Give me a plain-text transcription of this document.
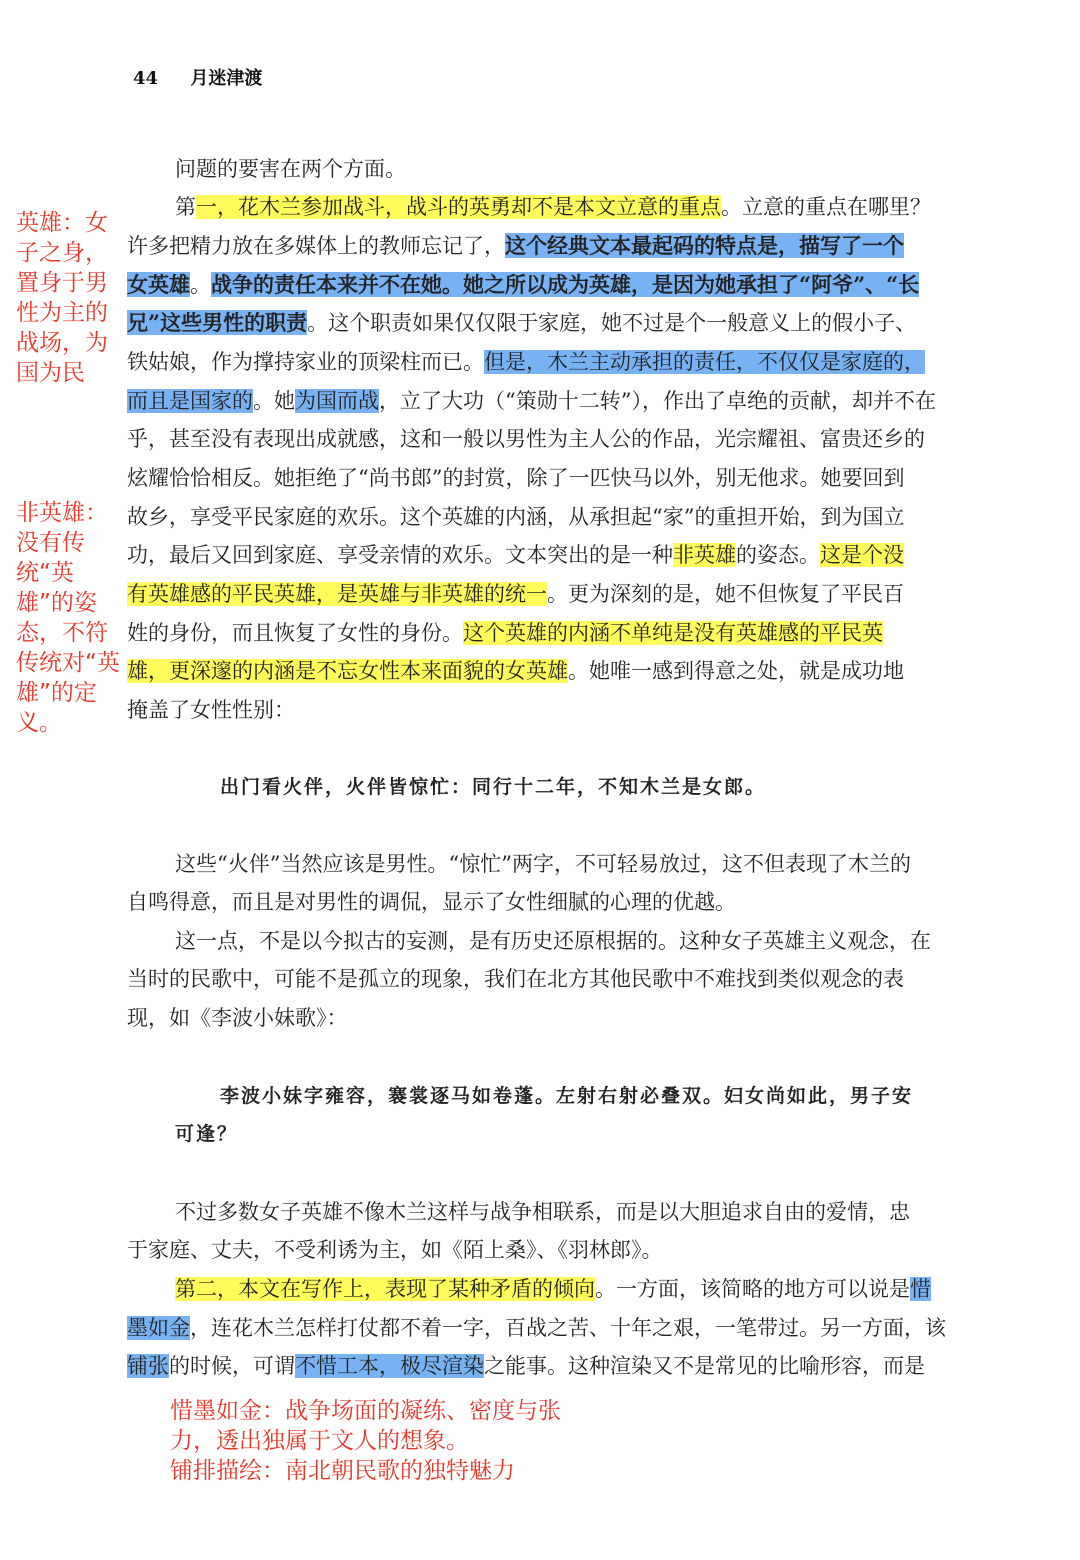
44 月迷津渡
问题的要害在两个方面。
第一，花木兰参加战斗，战斗的英勇却不是本文立意的重点。立意的重点在哪里？
许多把精力放在多媒体上的教师忘记了，这个经典文本最起码的特点是，描写了一个
女英雄。战争的责任本来并不在她。她之所以成为英雄，是因为她承担了“阿爷”、“长
兄”这些男性的职责。这个职责如果仅仅限于家庭，她不过是个一般意义上的假小子、
铁姑娘，作为撑持家业的顶梁柱而已。但是，木兰主动承担的责任，不仅仅是家庭的，
而且是国家的。她为国而战，立了大功（“策勋十二转”），作出了卓绝的贡献，却并不在
乎，甚至没有表现出成就感，这和一般以男性为主人公的作品，光宗耀祖、富贵还乡的
炫耀恰恰相反。她拒绝了“尚书郎”的封赏，除了一匹快马以外，别无他求。她要回到
故乡，享受平民家庭的欢乐。这个英雄的内涵，从承担起“家”的重担开始，到为国立
功，最后又回到家庭、享受亲情的欢乐。文本突出的是一种非英雄的姿态。这是个没
有英雄感的平民英雄，是英雄与非英雄的统一。更为深刻的是，她不但恢复了平民百
姓的身份，而且恢复了女性的身份。这个英雄的内涵不单纯是没有英雄感的平民英
雄，更深邃的内涵是不忘女性本来面貌的女英雄。她唯一感到得意之处，就是成功地
掩盖了女性性别：
出门看火伴，火伴皆惊忙：同行十二年，不知木兰是女郎。
这些“火伴”当然应该是男性。“惊忙”两字，不可轻易放过，这不但表现了木兰的
自鸣得意，而且是对男性的调侃，显示了女性细腻的心理的优越。
这一点，不是以今拟古的妄测，是有历史还原根据的。这种女子英雄主义观念，在
当时的民歌中，可能不是孤立的现象，我们在北方其他民歌中不难找到类似观念的表
现，如《李波小妹歌》：
李波小妹字雍容，褰裳逐马如卷蓬。左射右射必叠双。妇女尚如此，男子安
可逢？
不过多数女子英雄不像木兰这样与战争相联系，而是以大胆追求自由的爱情，忠
于家庭、丈夫，不受利诱为主，如《陌上桑》、《羽林郎》。
第二，本文在写作上，表现了某种矛盾的倾向。一方面，该简略的地方可以说是惜
墨如金，连花木兰怎样打仗都不着一字，百战之苦、十年之艰，一笔带过。另一方面，该
铺张的时候，可谓不惜工本，极尽渲染之能事。这种渲染又不是常见的比喻形容，而是
英雄：女子之身，置身于男性为主的战场，为国为民
非英雄：没有传统“英雄”的姿态，不符传统对“英雄”的定义。
惜墨如金：战争场面的凝练、密度与张
力，透出独属于文人的想象。
铺排描绘：南北朝民歌的独特魅力
